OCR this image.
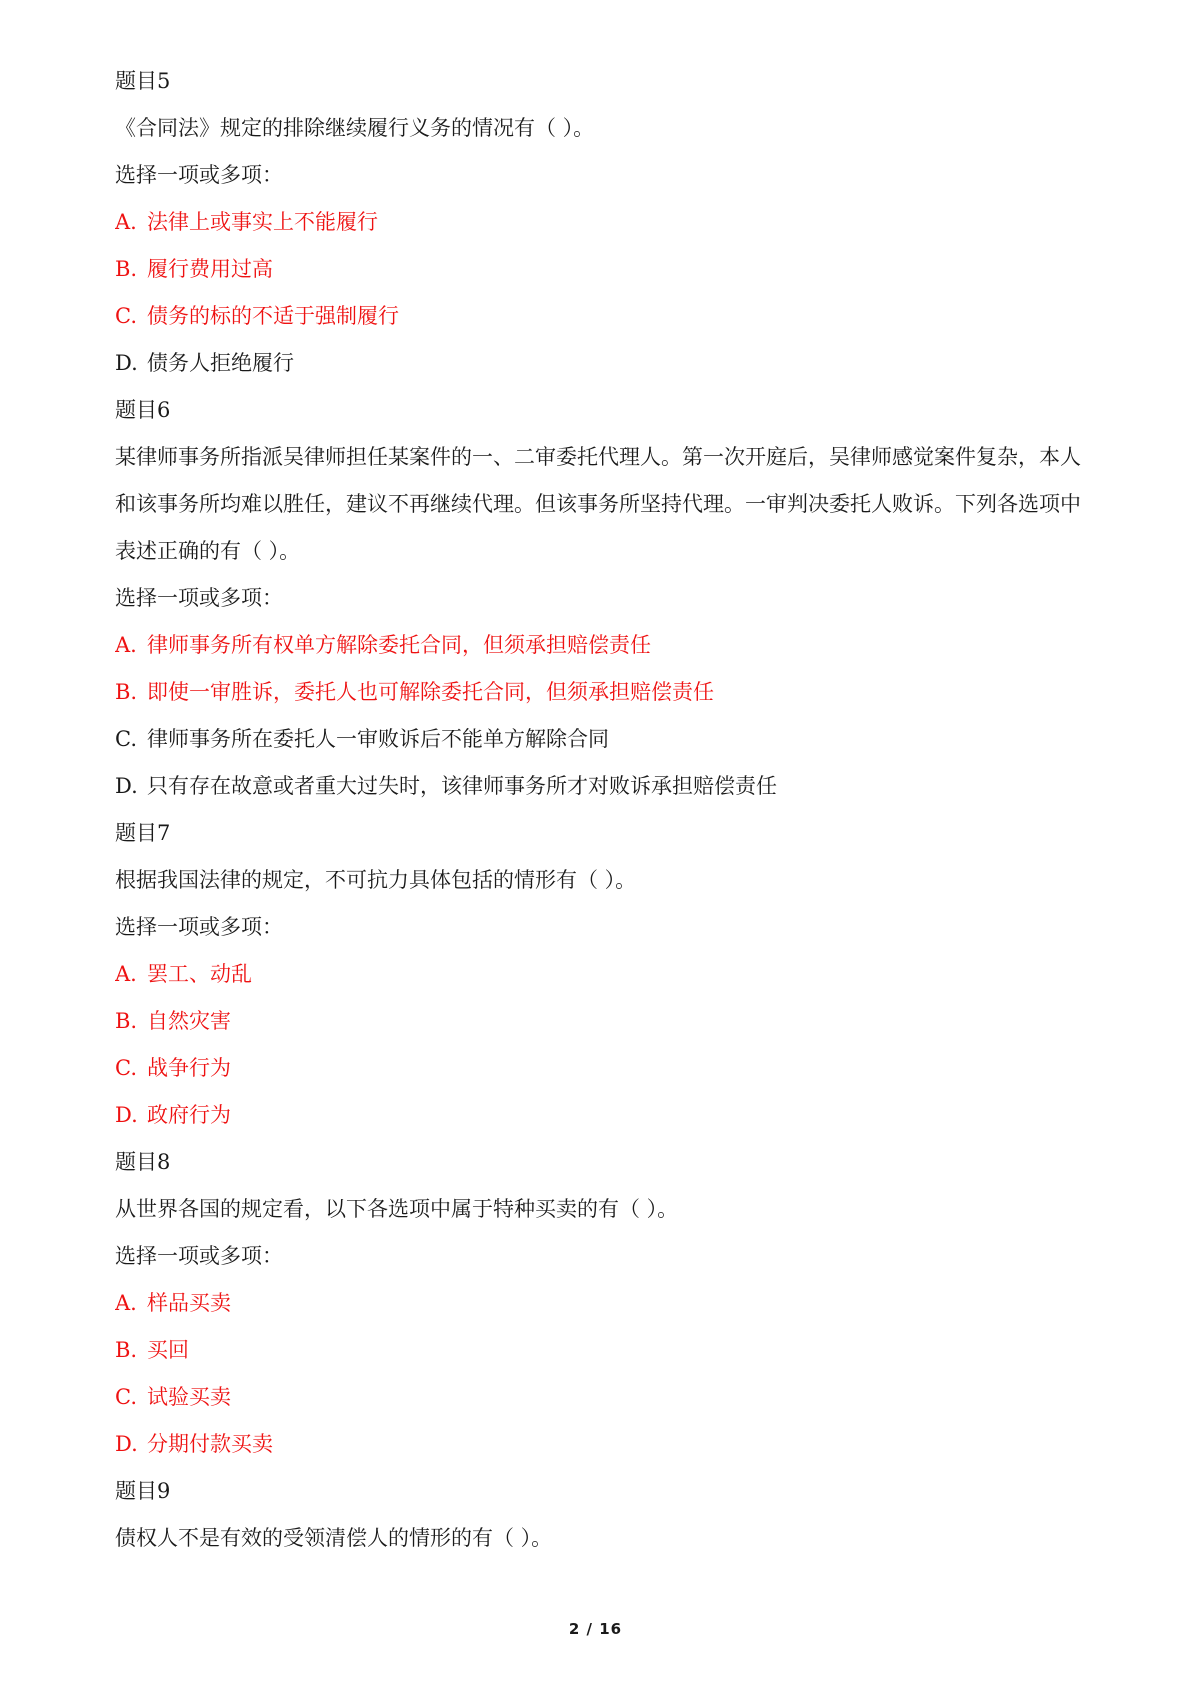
题目5
《合同法》规定的排除继续履行义务的情况有（ ）。
选择一项或多项：
A. 法律上或事实上不能履行
B. 履行费用过高
C. 债务的标的不适于强制履行
D. 债务人拒绝履行
题目6
某律师事务所指派吴律师担任某案件的一、二审委托代理人。第一次开庭后，吴律师感觉案件复杂，本人和该事务所均难以胜任，建议不再继续代理。但该事务所坚持代理。一审判决委托人败诉。下列各选项中表述正确的有（ ）。
选择一项或多项：
A. 律师事务所有权单方解除委托合同，但须承担赔偿责任
B. 即使一审胜诉，委托人也可解除委托合同，但须承担赔偿责任
C. 律师事务所在委托人一审败诉后不能单方解除合同
D. 只有存在故意或者重大过失时，该律师事务所才对败诉承担赔偿责任
题目7
根据我国法律的规定，不可抗力具体包括的情形有（ ）。
选择一项或多项：
A. 罢工、动乱
B. 自然灾害
C. 战争行为
D. 政府行为
题目8
从世界各国的规定看，以下各选项中属于特种买卖的有（ ）。
选择一项或多项：
A. 样品买卖
B. 买回
C. 试验买卖
D. 分期付款买卖
题目9
债权人不是有效的受领清偿人的情形的有（ ）。
2 / 16
